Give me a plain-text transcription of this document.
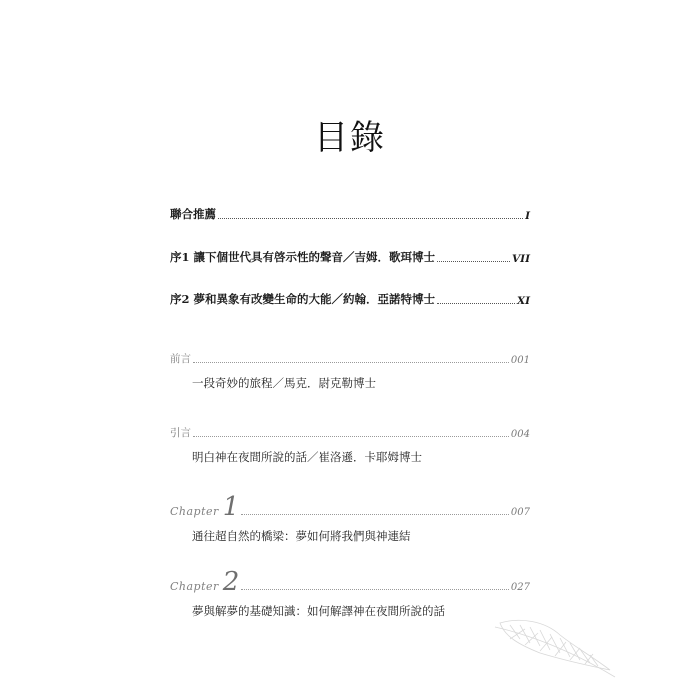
目錄
聯合推薦	I
序1 讓下個世代具有啓示性的聲音／吉姆．歌珥博士	VII
序2 夢和異象有改變生命的大能／約翰．亞諾特博士	XI
前言	001
一段奇妙的旅程／馬克．尉克勒博士
引言	004
明白神在夜間所說的話／崔洛遜．卡耶姆博士
Chapter 1	007
通往超自然的橋梁：夢如何將我們與神連結
Chapter 2	027
夢與解夢的基礎知識：如何解譯神在夜間所說的話
